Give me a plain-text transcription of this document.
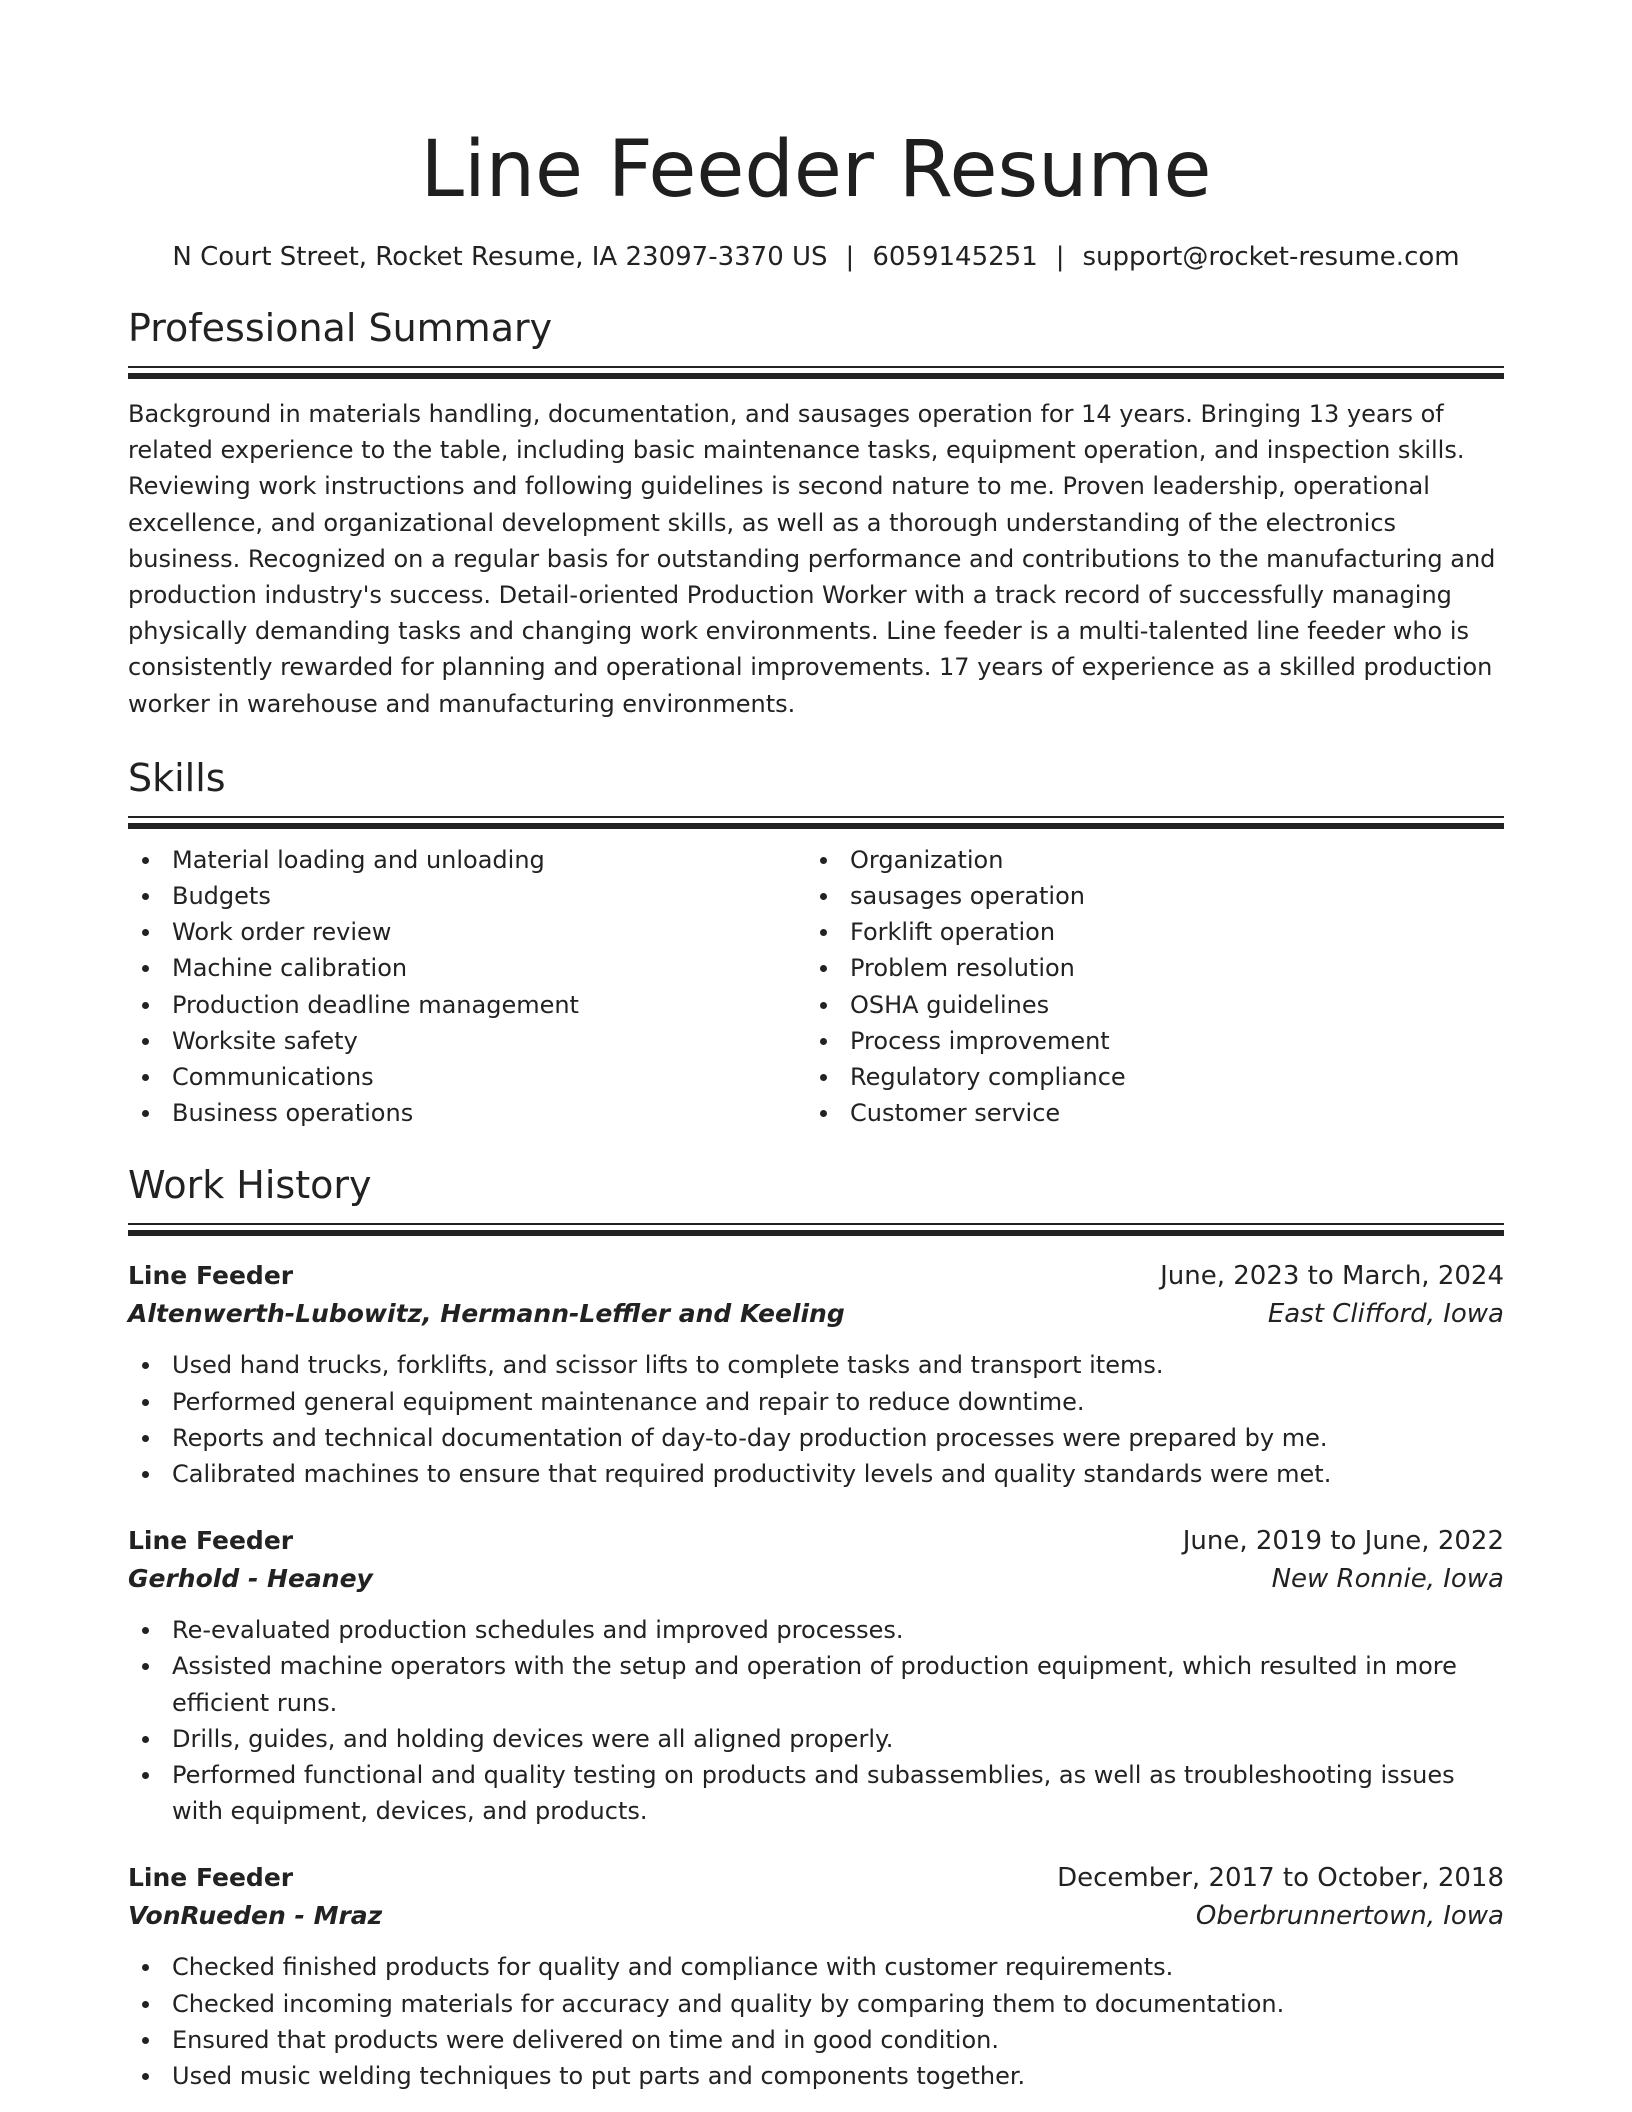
Line Feeder Resume
N Court Street, Rocket Resume, IA 23097-3370 US | 6059145251 | support@rocket-resume.com
Professional Summary

Background in materials handling, documentation, and sausages operation for 14 years. Bringing 13 years of related experience to the table, including basic maintenance tasks, equipment operation, and inspection skills. Reviewing work instructions and following guidelines is second nature to me. Proven leadership, operational excellence, and organizational development skills, as well as a thorough understanding of the electronics business. Recognized on a regular basis for outstanding performance and contributions to the manufacturing and production industry's success. Detail-oriented Production Worker with a track record of successfully managing physically demanding tasks and changing work environments. Line feeder is a multi-talented line feeder who is consistently rewarded for planning and operational improvements. 17 years of experience as a skilled production worker in warehouse and manufacturing environments.

Skills
Material loading and unloading
Budgets
Work order review
Machine calibration
Production deadline management
Worksite safety
Communications
Business operations
Organization
sausages operation
Forklift operation
Problem resolution
OSHA guidelines
Process improvement
Regulatory compliance
Customer service
Work History
Line Feeder	June, 2023 to March, 2024
Altenwerth-Lubowitz, Hermann-Leffler and Keeling	East Clifford, Iowa
Used hand trucks, forklifts, and scissor lifts to complete tasks and transport items.
Performed general equipment maintenance and repair to reduce downtime.
Reports and technical documentation of day-to-day production processes were prepared by me.
Calibrated machines to ensure that required productivity levels and quality standards were met.
Line Feeder	June, 2019 to June, 2022
Gerhold - Heaney	New Ronnie, Iowa
Re-evaluated production schedules and improved processes.
Assisted machine operators with the setup and operation of production equipment, which resulted in more efficient runs.
Drills, guides, and holding devices were all aligned properly.
Performed functional and quality testing on products and subassemblies, as well as troubleshooting issues with equipment, devices, and products.
Line Feeder	December, 2017 to October, 2018
VonRueden - Mraz	Oberbrunnertown, Iowa
Checked finished products for quality and compliance with customer requirements.
Checked incoming materials for accuracy and quality by comparing them to documentation.
Ensured that products were delivered on time and in good condition.
Used music welding techniques to put parts and components together.
